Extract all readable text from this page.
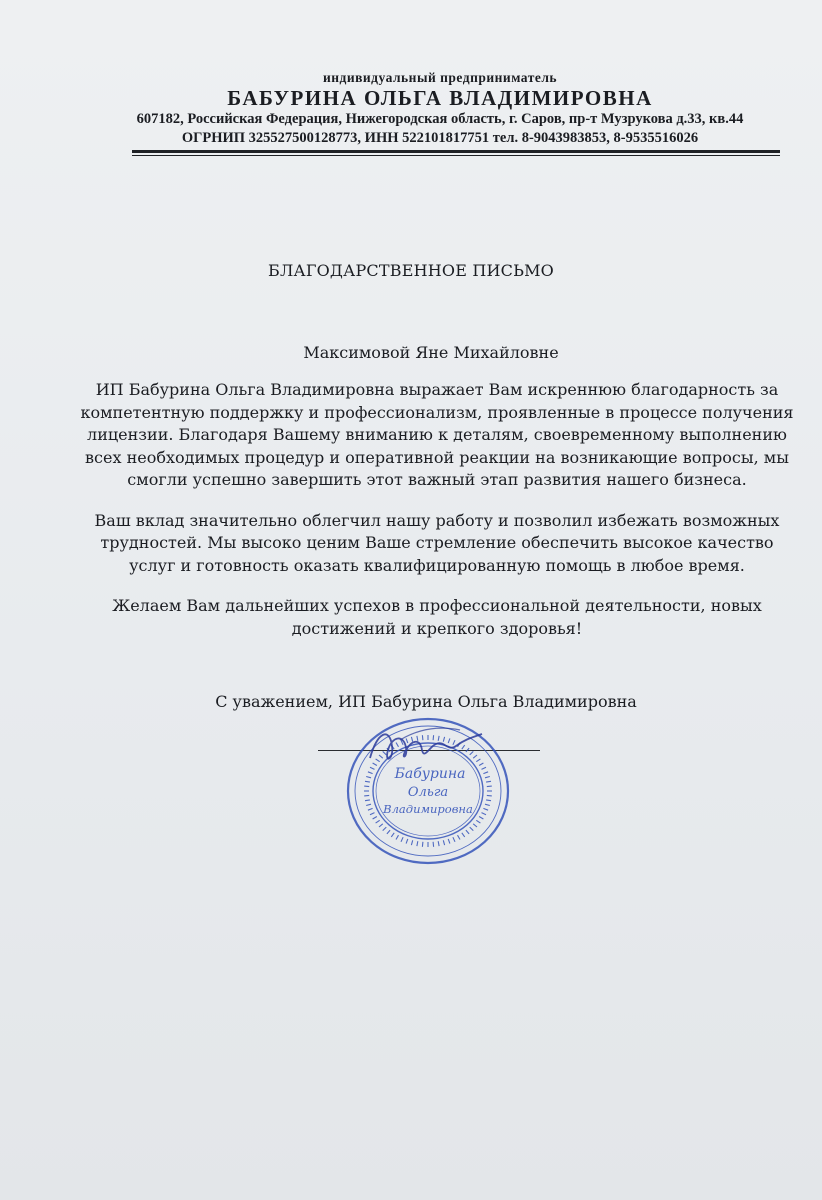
индивидуальный предприниматель

БАБУРИНА ОЛЬГА ВЛАДИМИРОВНА

607182, Российская Федерация, Нижегородская область, г. Саров, пр-т Музрукова д.33, кв.44

ОГРНИП 325527500128773, ИНН 522101817751 тел. 8-9043983853, 8-9535516026

БЛАГОДАРСТВЕННОЕ ПИСЬМО

Максимовой Яне Михайловне

ИП Бабурина Ольга Владимировна выражает Вам искреннюю благодарность за компетентную поддержку и профессионализм, проявленные в процессе получения лицензии. Благодаря Вашему вниманию к деталям, своевременному выполнению всех необходимых процедур и оперативной реакции на возникающие вопросы, мы смогли успешно завершить этот важный этап развития нашего бизнеса.

Ваш вклад значительно облегчил нашу работу и позволил избежать возможных трудностей. Мы высоко ценим Ваше стремление обеспечить высокое качество услуг и готовность оказать квалифицированную помощь в любое время.

Желаем Вам дальнейших успехов в профессиональной деятельности, новых достижений и крепкого здоровья!

С уважением, ИП Бабурина Ольга Владимировна

Бабурина
Ольга
Владимировна
